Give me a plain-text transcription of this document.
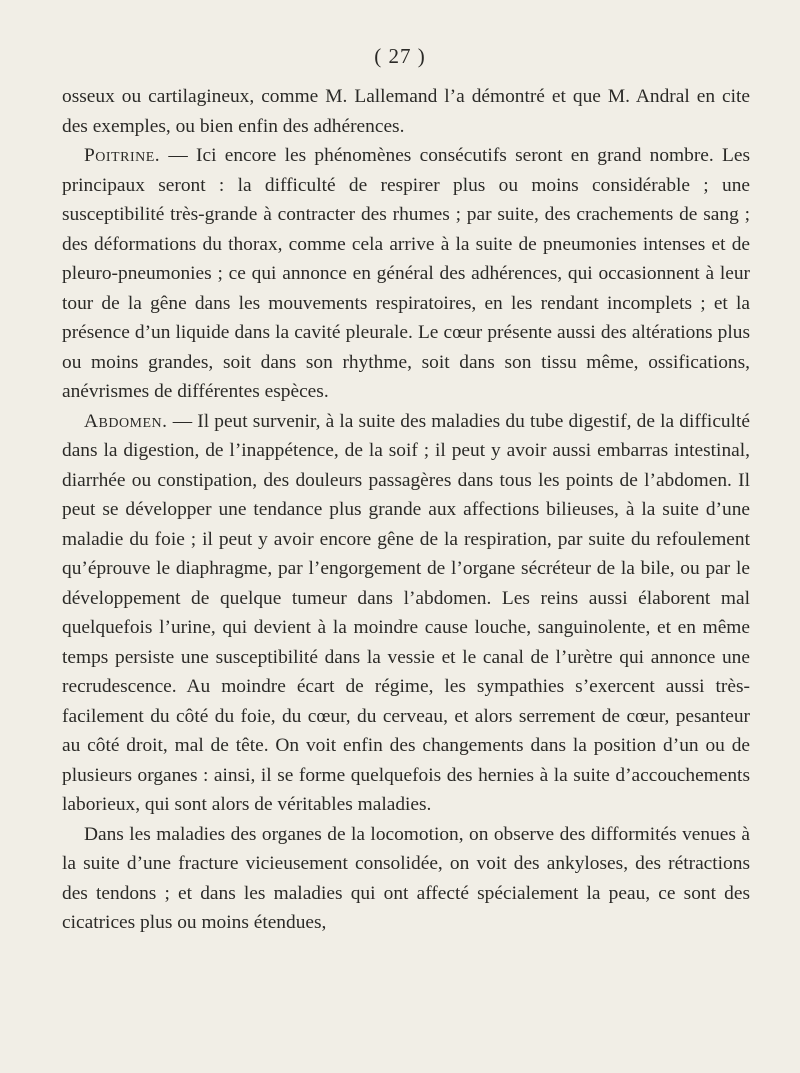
( 27 )

osseux ou cartilagineux, comme M. Lallemand l’a démontré et que M. Andral en cite des exemples, ou bien enfin des adhérences.

Poitrine. — Ici encore les phénomènes consécutifs seront en grand nombre. Les principaux seront : la difficulté de respirer plus ou moins considérable ; une susceptibilité très-grande à contracter des rhumes ; par suite, des crachements de sang ; des déformations du thorax, comme cela arrive à la suite de pneumonies intenses et de pleuro-pneumonies ; ce qui annonce en général des adhérences, qui occasionnent à leur tour de la gêne dans les mouvements respiratoires, en les rendant incomplets ; et la présence d’un liquide dans la cavité pleurale. Le cœur présente aussi des altérations plus ou moins grandes, soit dans son rhythme, soit dans son tissu même, ossifications, anévrismes de différentes espèces.

Abdomen. — Il peut survenir, à la suite des maladies du tube digestif, de la difficulté dans la digestion, de l’inappétence, de la soif ; il peut y avoir aussi embarras intestinal, diarrhée ou constipation, des douleurs passagères dans tous les points de l’abdomen. Il peut se développer une tendance plus grande aux affections bilieuses, à la suite d’une maladie du foie ; il peut y avoir encore gêne de la respiration, par suite du refoulement qu’éprouve le diaphragme, par l’engorgement de l’organe sécréteur de la bile, ou par le développement de quelque tumeur dans l’abdomen. Les reins aussi élaborent mal quelquefois l’urine, qui devient à la moindre cause louche, sanguinolente, et en même temps persiste une susceptibilité dans la vessie et le canal de l’urètre qui annonce une recrudescence. Au moindre écart de régime, les sympathies s’exercent aussi très-facilement du côté du foie, du cœur, du cerveau, et alors serrement de cœur, pesanteur au côté droit, mal de tête. On voit enfin des changements dans la position d’un ou de plusieurs organes : ainsi, il se forme quelquefois des hernies à la suite d’accouchements laborieux, qui sont alors de véritables maladies.

Dans les maladies des organes de la locomotion, on observe des difformités venues à la suite d’une fracture vicieusement consolidée, on voit des ankyloses, des rétractions des tendons ; et dans les maladies qui ont affecté spécialement la peau, ce sont des cicatrices plus ou moins étendues,
